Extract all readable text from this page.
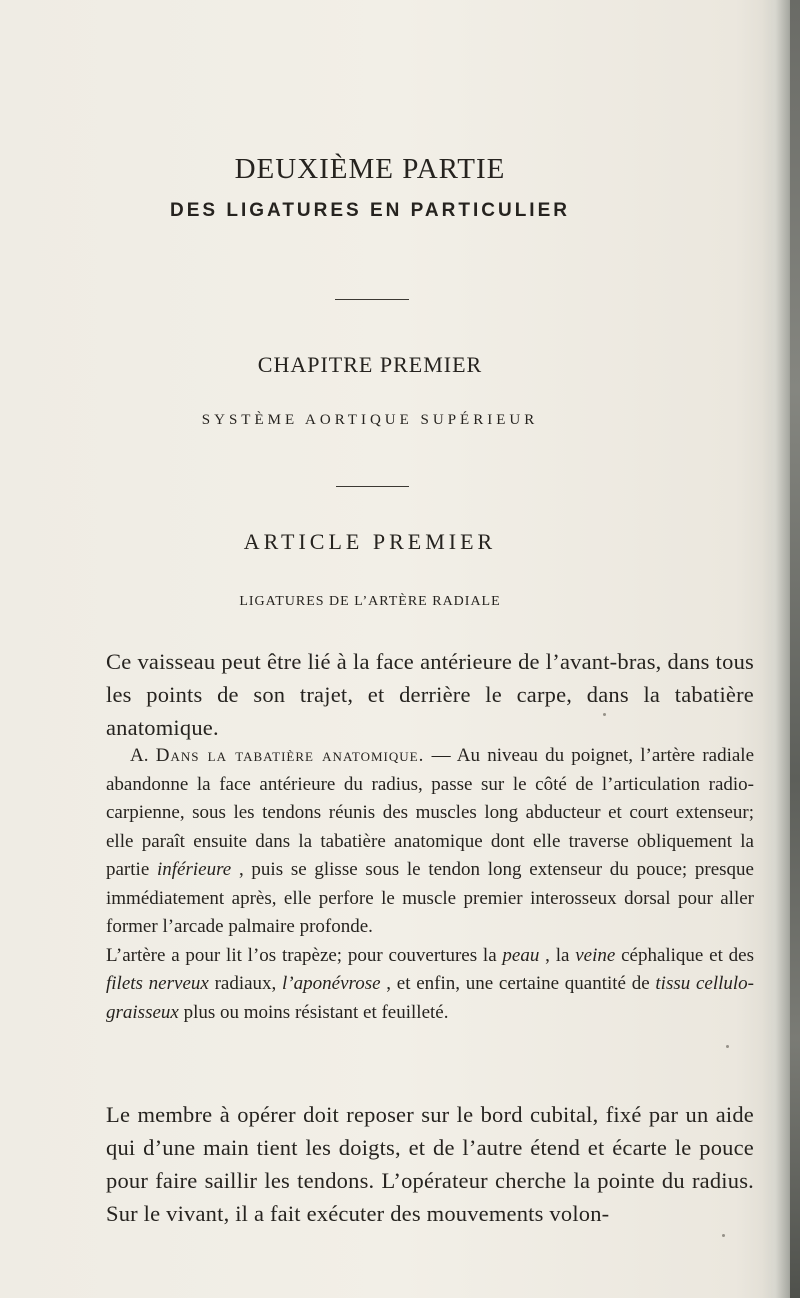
DEUXIÈME PARTIE
DES LIGATURES EN PARTICULIER
CHAPITRE PREMIER
SYSTÈME AORTIQUE SUPÉRIEUR
ARTICLE PREMIER
LIGATURES DE L’ARTÈRE RADIALE

Ce vaisseau peut être lié à la face antérieure de l’avant-bras, dans tous les points de son trajet, et derrière le carpe, dans la tabatière anatomique.

A. Dans la tabatière anatomique. — Au niveau du poignet, l’artère radiale abandonne la face antérieure du radius, passe sur le côté de l’articulation radio-carpienne, sous les tendons réunis des muscles long abducteur et court extenseur; elle paraît ensuite dans la tabatière anatomique dont elle traverse obliquement la partie inférieure , puis se glisse sous le tendon long extenseur du pouce; presque immédiatement après, elle perfore le muscle premier interosseux dorsal pour aller former l’arcade palmaire profonde.

L’artère a pour lit l’os trapèze; pour couvertures la peau , la veine céphalique et des filets nerveux radiaux, l’aponévrose , et enfin, une certaine quantité de tissu cellulo-graisseux plus ou moins résistant et feuilleté.

Le membre à opérer doit reposer sur le bord cubital, fixé par un aide qui d’une main tient les doigts, et de l’autre étend et écarte le pouce pour faire saillir les tendons. L’opérateur cherche la pointe du radius. Sur le vivant, il a fait exécuter des mouvements volon-
